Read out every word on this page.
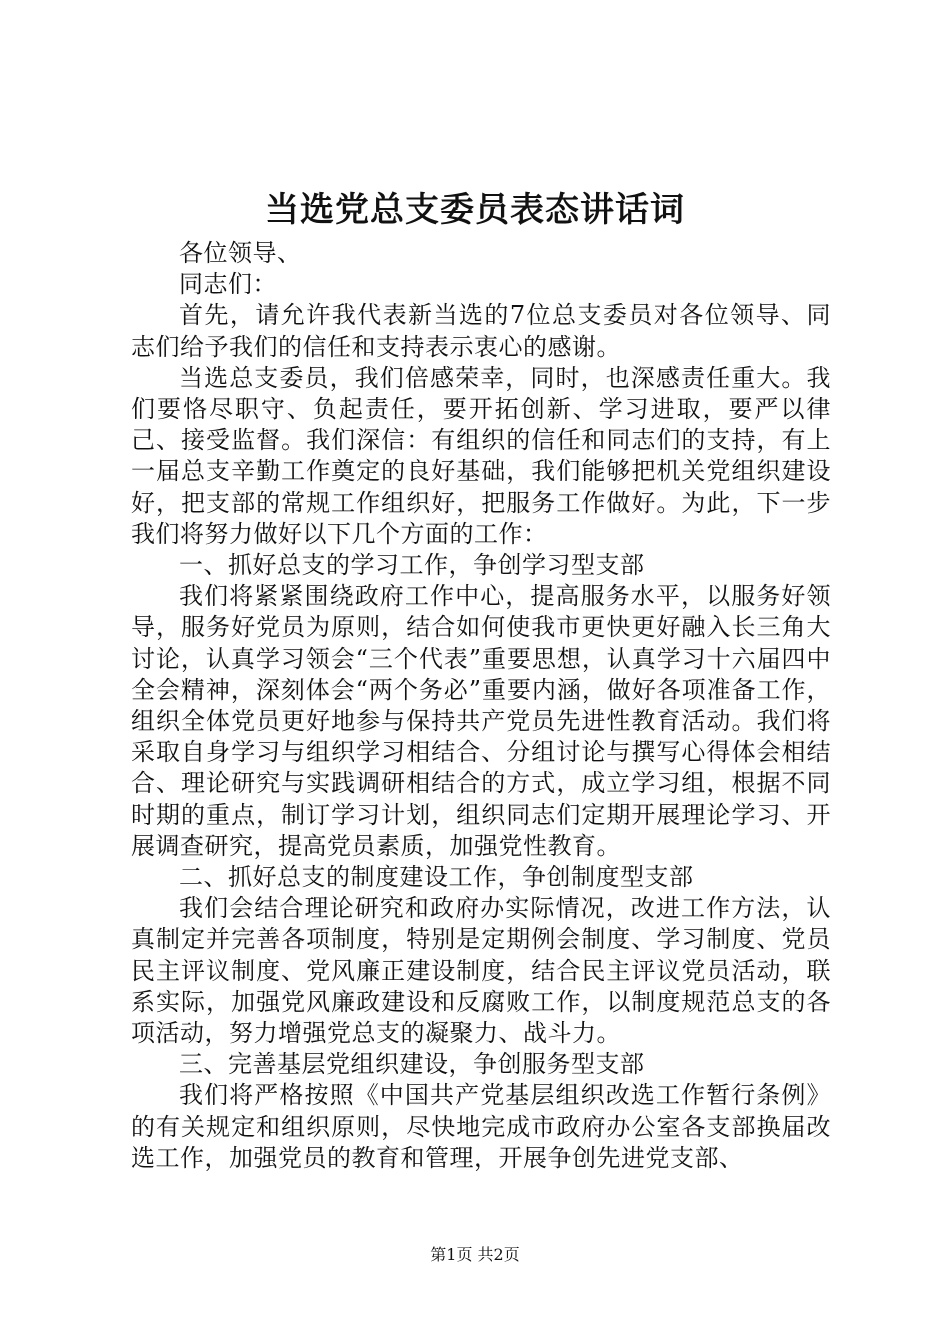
当选党总支委员表态讲话词

各位领导、

同志们：

首先，请允许我代表新当选的7位总支委员对各位领导、同志们给予我们的信任和支持表示衷心的感谢。

当选总支委员，我们倍感荣幸，同时，也深感责任重大。我们要恪尽职守、负起责任，要开拓创新、学习进取，要严以律己、接受监督。我们深信：有组织的信任和同志们的支持，有上一届总支辛勤工作奠定的良好基础，我们能够把机关党组织建设好，把支部的常规工作组织好，把服务工作做好。为此，下一步我们将努力做好以下几个方面的工作：

一、抓好总支的学习工作，争创学习型支部

我们将紧紧围绕政府工作中心，提高服务水平，以服务好领导，服务好党员为原则，结合如何使我市更快更好融入长三角大讨论，认真学习领会“三个代表”重要思想，认真学习十六届四中全会精神，深刻体会“两个务必”重要内涵，做好各项准备工作，组织全体党员更好地参与保持共产党员先进性教育活动。我们将采取自身学习与组织学习相结合、分组讨论与撰写心得体会相结合、理论研究与实践调研相结合的方式，成立学习组，根据不同时期的重点，制订学习计划，组织同志们定期开展理论学习、开展调查研究，提高党员素质，加强党性教育。

二、抓好总支的制度建设工作，争创制度型支部

我们会结合理论研究和政府办实际情况，改进工作方法，认真制定并完善各项制度，特别是定期例会制度、学习制度、党员民主评议制度、党风廉正建设制度，结合民主评议党员活动，联系实际，加强党风廉政建设和反腐败工作，以制度规范总支的各项活动，努力增强党总支的凝聚力、战斗力。

三、完善基层党组织建设，争创服务型支部

我们将严格按照《中国共产党基层组织改选工作暂行条例》的有关规定和组织原则，尽快地完成市政府办公室各支部换届改选工作，加强党员的教育和管理，开展争创先进党支部、

第1页 共2页
